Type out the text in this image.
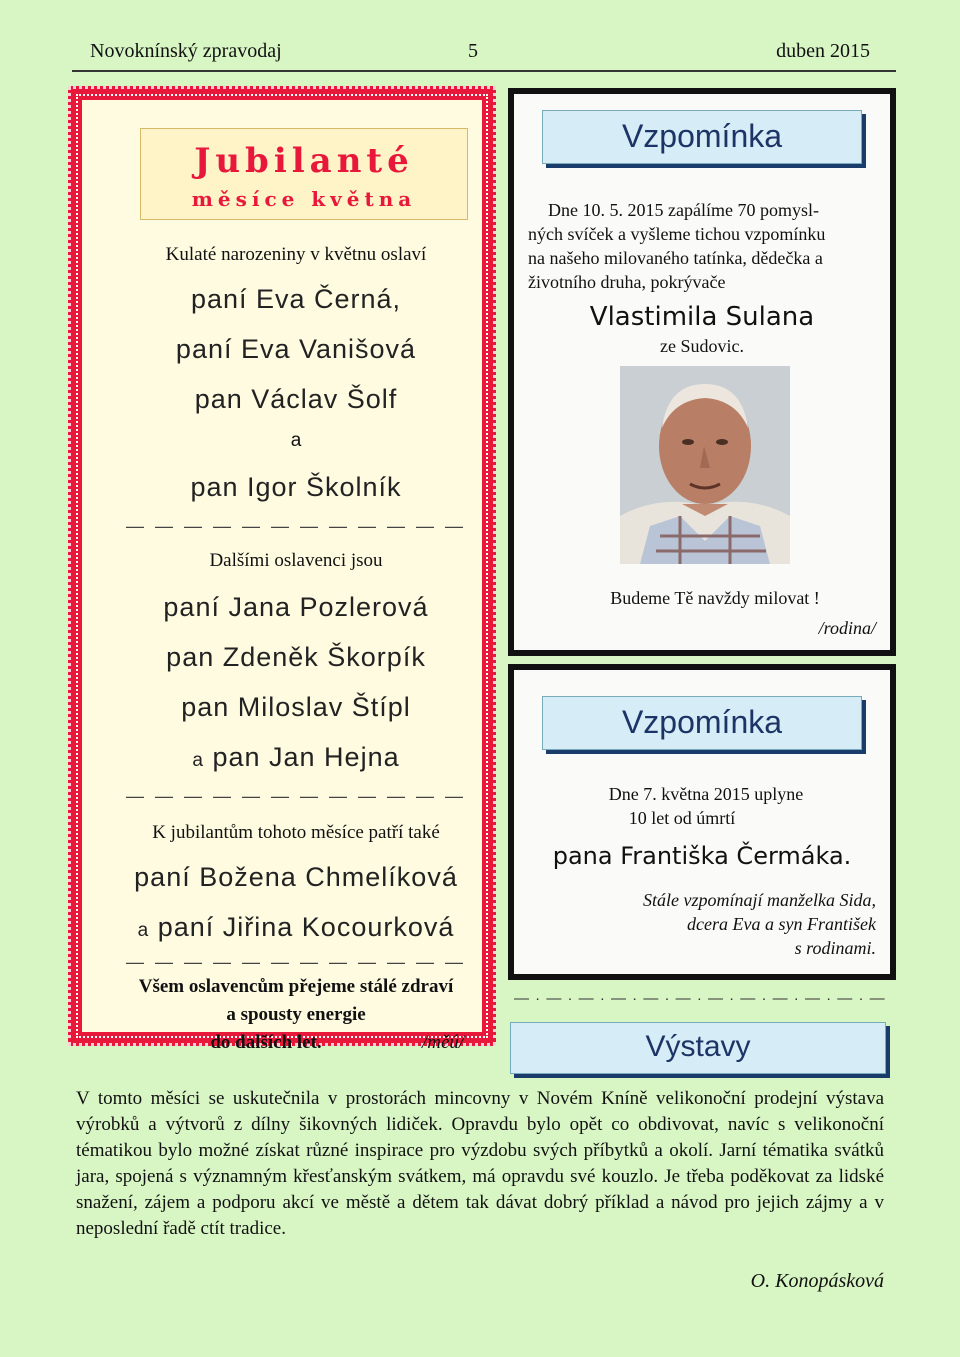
Novoknínský zpravodaj	5	duben 2015
Jubilanté
měsíce května
Kulaté narozeniny v květnu oslaví
paní Eva Černá,
paní Eva Vanišová
pan Václav Šolf
a
pan Igor Školník
— — — — — — — — — — — —
Dalšími oslavenci jsou
paní Jana Pozlerová
pan Zdeněk Škorpík
pan Miloslav Štípl
a pan Jan Hejna
— — — — — — — — — — — —
K jubilantům tohoto měsíce patří také
paní Božena Chmelíková
a paní Jiřina Kocourková
— — — — — — — — — — — —
Všem oslavencům přejeme stálé zdraví
a spousty energie
do dalších let.	/měú/
Vzpomínka
Dne 10. 5. 2015 zapálíme 70 pomysl-
ných svíček a vyšleme tichou vzpomínku
na našeho milovaného tatínka, dědečka a
životního druha, pokrývače
Vlastimila Sulana
ze Sudovic.
Budeme Tě navždy milovat !
/rodina/
Vzpomínka
Dne 7. května 2015 uplyne
10 let od úmrtí
pana Františka Čermáka.
Stále vzpomínají manželka Sida,
dcera Eva a syn František
s rodinami.
— · — · — · — · — · — · — · — · — · — · — · —
Výstavy
V tomto měsíci se uskutečnila v prostorách mincovny v Novém Kníně velikonoční prodejní výstava výrobků a výtvorů z dílny šikovných lidiček. Opravdu bylo opět co obdivovat, navíc s velikonoční tématikou bylo možné získat různé inspirace pro výzdobu svých příbytků a okolí. Jarní tématika svátků jara, spojená s významným křesťanským svátkem, má opravdu své kouzlo. Je třeba poděkovat za lidské snažení, zájem a podporu akcí ve městě a dětem tak dávat dobrý příklad a návod pro jejich zájmy a v neposlední řadě ctít tradice.
O. Konopásková
